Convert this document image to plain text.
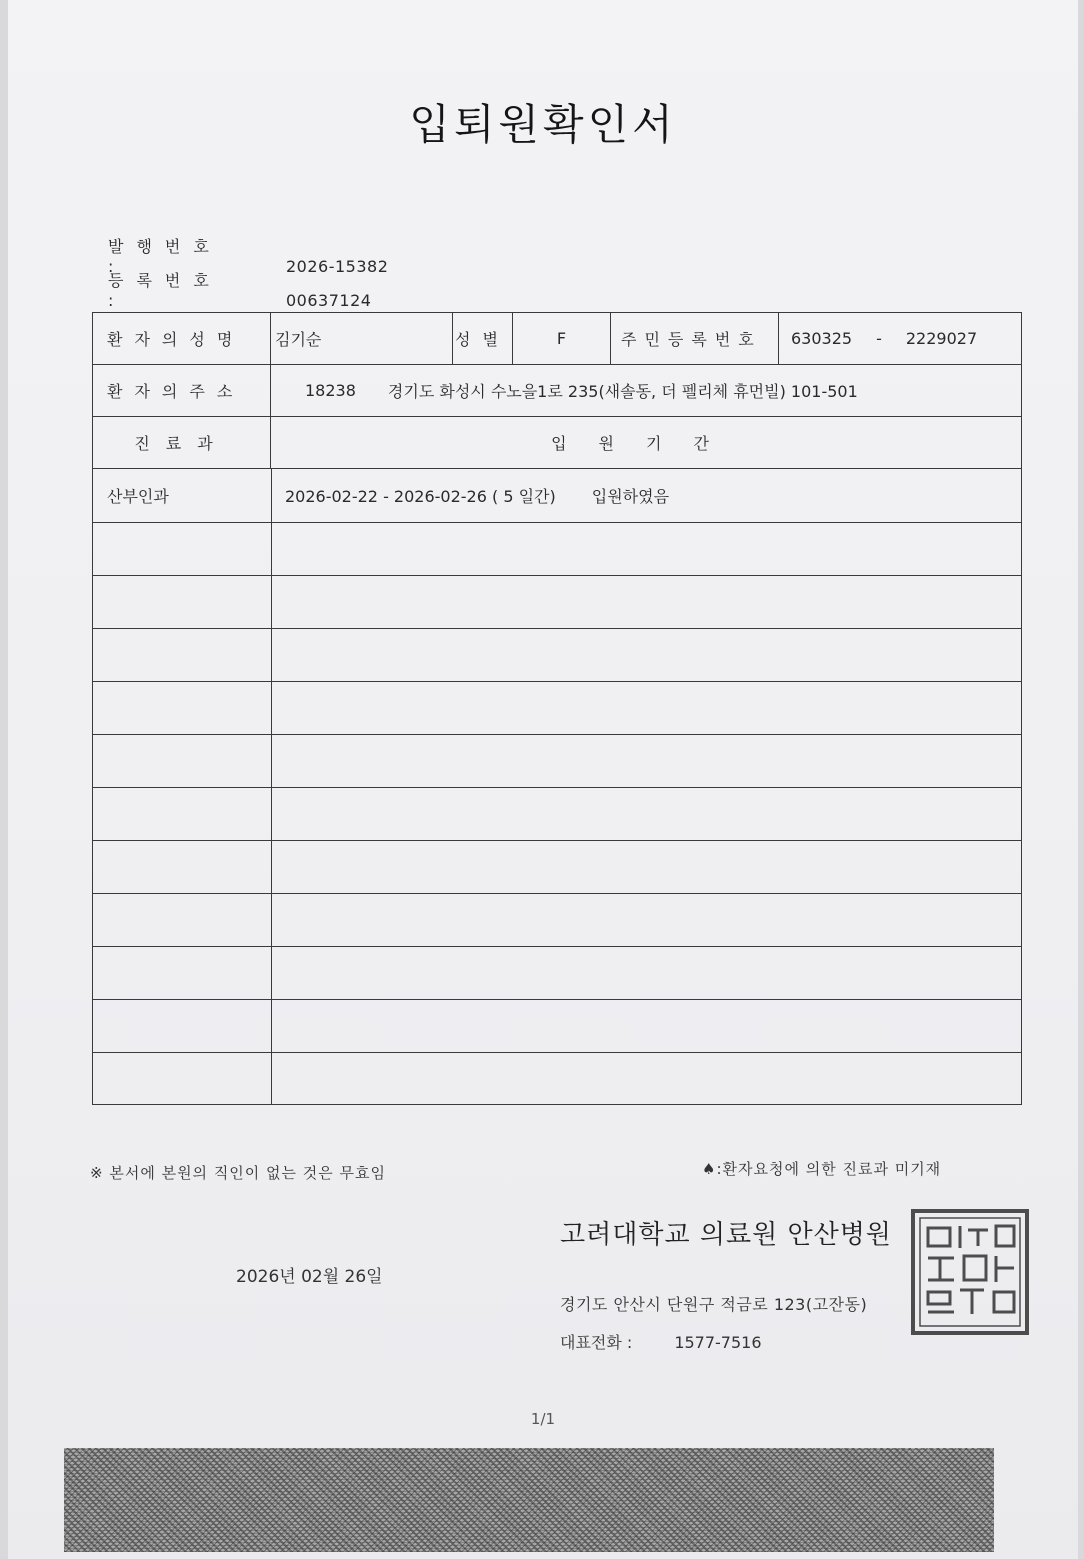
입퇴원확인서
발행번호 :	2026-15382
등록번호 :	00637124
환자의성명	김기순	성별	F	주민등록번호	630325 - 2229027
환자의주소	18238 경기도 화성시 수노을1로 235(새솔동, 더 펠리체 휴먼빌) 101-501
진료과	입원기간
산부인과	2026-02-22 - 2026-02-26 ( 5 일간) 입원하였음
※ 본서에 본원의 직인이 없는 것은 무효임	♠:환자요청에 의한 진료과 미기재
고려대학교 의료원 안산병원
2026년 02월 26일
경기도 안산시 단원구 적금로 123(고잔동)
대표전화 :	1577-7516
1/1
